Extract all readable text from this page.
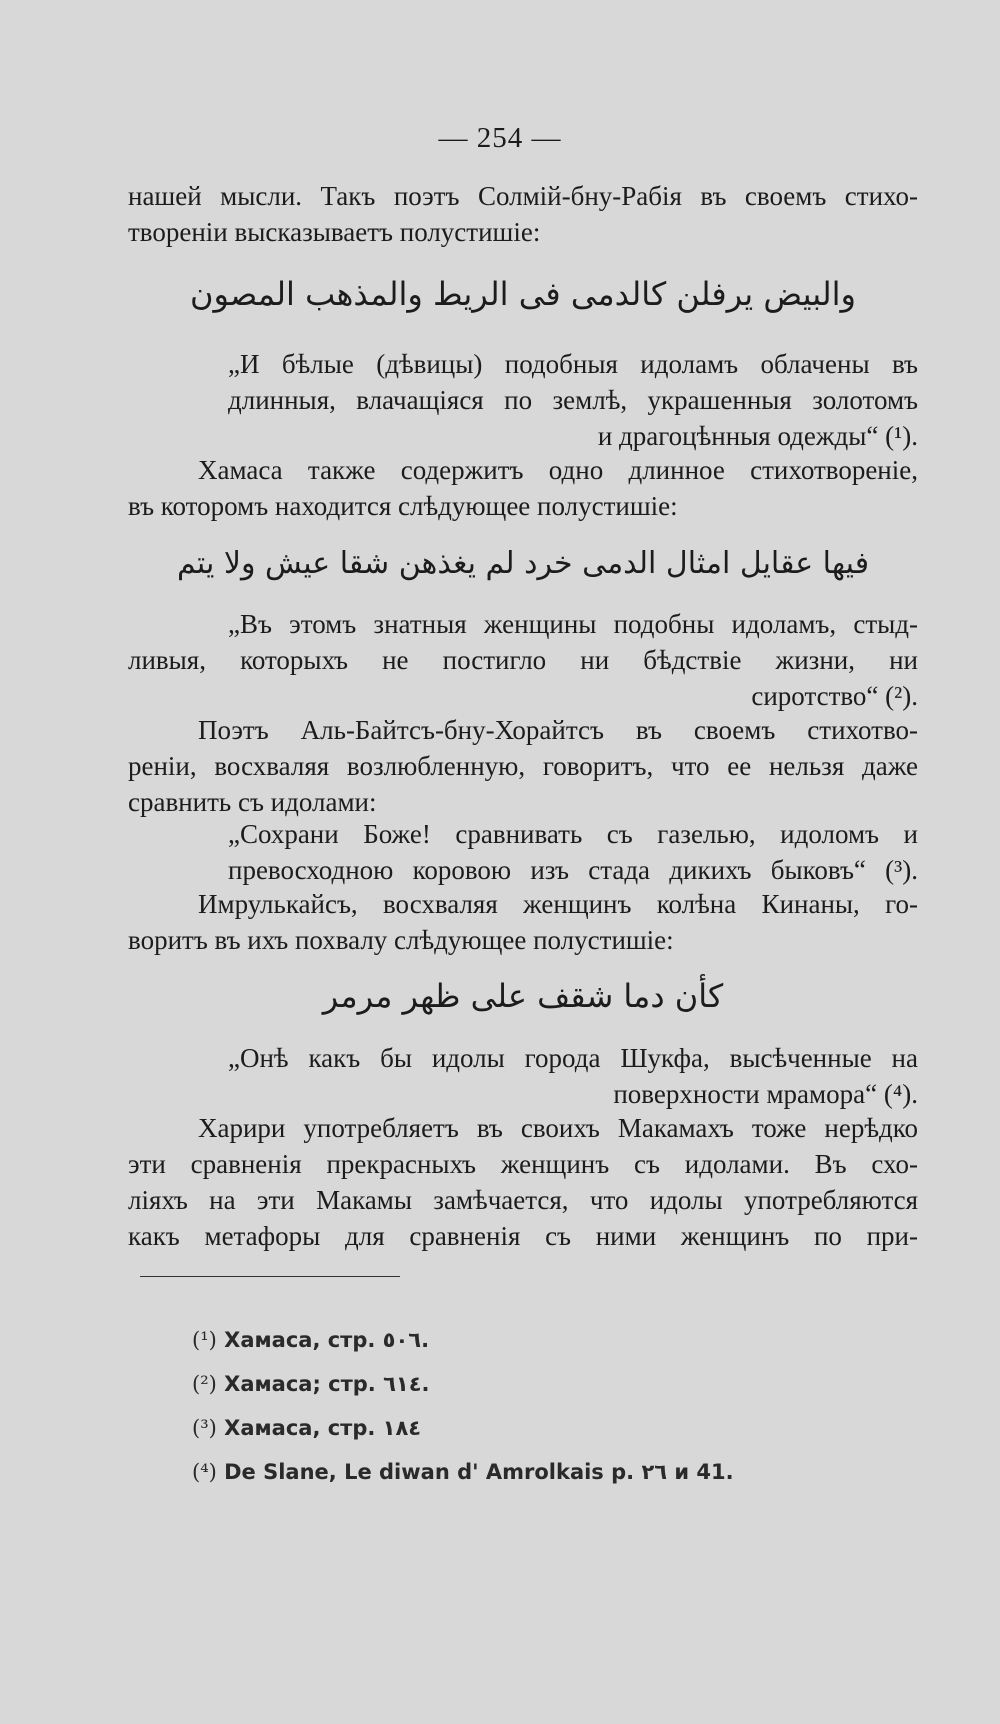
— 254 —
нашей мысли. Такъ поэтъ Солмій-бну-Рабія въ своемъ стихо-
твореніи высказываетъ полустишіе:
والبيض يرفلن كالدمى فى الريط والمذهب المصون
„И бѣлые (дѣвицы) подобныя идоламъ облачены въ
длинныя, влачащіяся по землѣ, украшенныя золотомъ
и драгоцѣнныя одежды“ (¹).
Хамаса также содержитъ одно длинное стихотвореніе,
въ которомъ находится слѣдующее полустишіе:
فيها عقايل امثال الدمى خرد لم يغذهن شقا عيش ولا يتم
„Въ этомъ знатныя женщины подобны идоламъ, стыд-
ливыя, которыхъ не постигло ни бѣдствіе жизни, ни
сиротство“ (²).
Поэтъ Аль-Байтсъ-бну-Хорайтсъ въ своемъ стихотво-
реніи, восхваляя возлюбленную, говоритъ, что ее нельзя даже
сравнить съ идолами:
„Сохрани Боже! сравнивать съ газелью, идоломъ и
превосходною коровою изъ стада дикихъ быковъ“ (³).
Имрулькайсъ, восхваляя женщинъ колѣна Кинаны, го-
воритъ въ ихъ похвалу слѣдующее полустишіе:
كأن دما شقف على ظهر مرمر
„Онѣ какъ бы идолы города Шукфа, высѣченные на
поверхности мрамора“ (⁴).
Харири употребляетъ въ своихъ Макамахъ тоже нерѣдко
эти сравненія прекрасныхъ женщинъ съ идолами. Въ схо-
ліяхъ на эти Макамы замѣчается, что идолы употребляются
какъ метафоры для сравненія съ ними женщинъ по при-
(¹) Хамаса, стр. ٥٠٦.
(²) Хамаса; стр. ٦١٤.
(³) Хамаса, стр. ١٨٤
(⁴) De Slane, Le diwan d' Amrolkais p. ٢٦ и 41.
